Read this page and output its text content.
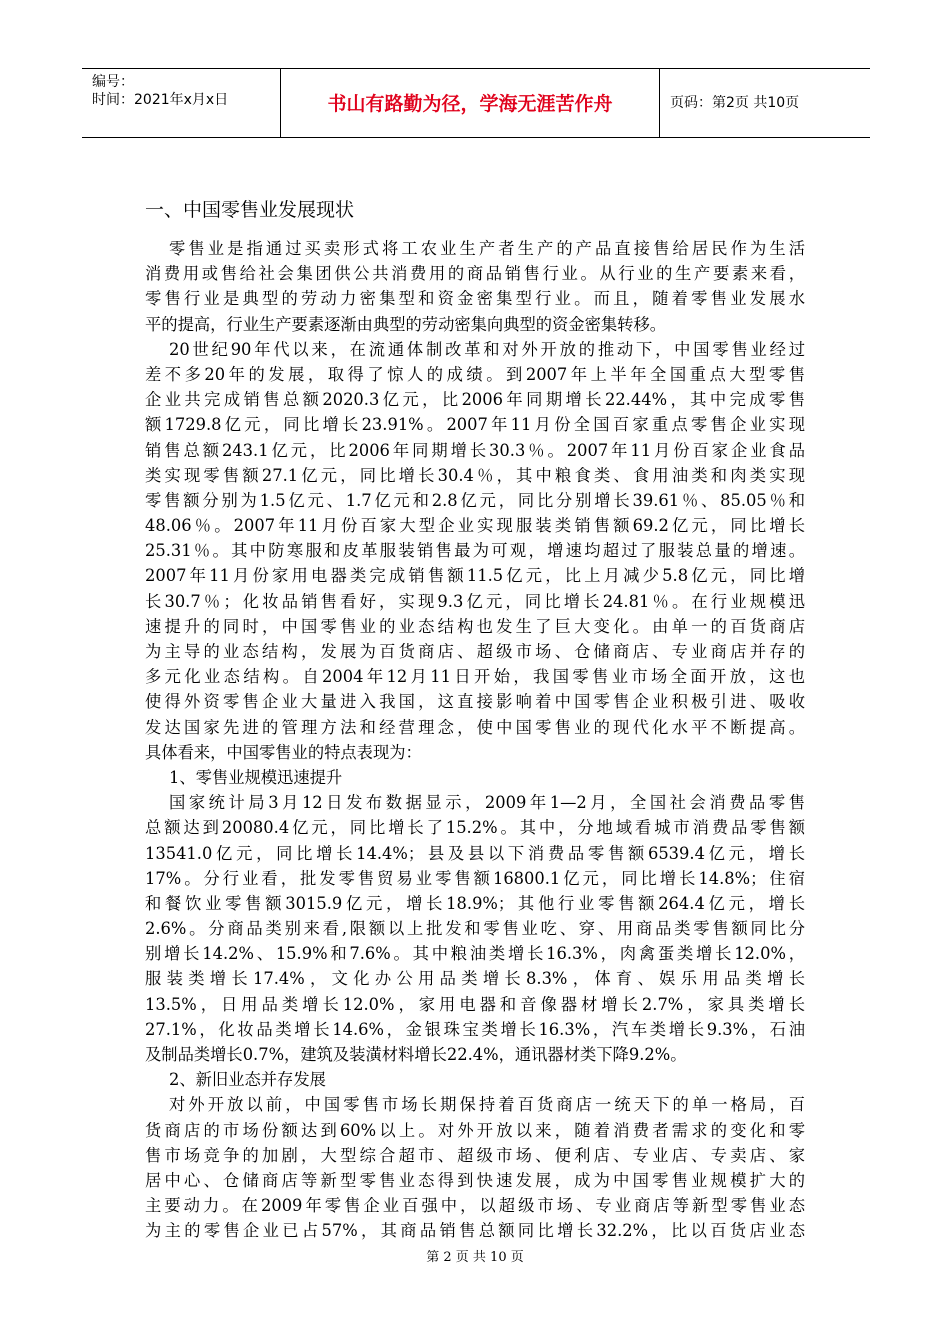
编号：
时间：2021年x月x日	书山有路勤为径，学海无涯苦作舟	页码：第2页 共10页
一、中国零售业发展现状
零售业是指通过买卖形式将工农业生产者生产的产品直接售给居民作为生活
消费用或售给社会集团供公共消费用的商品销售行业。从行业的生产要素来看，
零售行业是典型的劳动力密集型和资金密集型行业。而且，随着零售业发展水
平的提高，行业生产要素逐渐由典型的劳动密集向典型的资金密集转移。
20世纪90年代以来，在流通体制改革和对外开放的推动下，中国零售业经过
差不多20年的发展，取得了惊人的成绩。到2007年上半年全国重点大型零售
企业共完成销售总额2020.3亿元，比2006年同期增长22.44%，其中完成零售
额1729.8亿元，同比增长23.91%。2007年11月份全国百家重点零售企业实现
销售总额243.1亿元，比2006年同期增长30.3％。2007年11月份百家企业食品
类实现零售额27.1亿元，同比增长30.4％，其中粮食类、食用油类和肉类实现
零售额分别为1.5亿元、1.7亿元和2.8亿元，同比分别增长39.61％、85.05％和
48.06％。2007年11月份百家大型企业实现服装类销售额69.2亿元，同比增长
25.31％。其中防寒服和皮革服装销售最为可观，增速均超过了服装总量的增速。
2007年11月份家用电器类完成销售额11.5亿元，比上月减少5.8亿元，同比增
长30.7％；化妆品销售看好，实现9.3亿元，同比增长24.81％。在行业规模迅
速提升的同时，中国零售业的业态结构也发生了巨大变化。由单一的百货商店
为主导的业态结构，发展为百货商店、超级市场、仓储商店、专业商店并存的
多元化业态结构。自2004年12月11日开始，我国零售业市场全面开放，这也
使得外资零售企业大量进入我国，这直接影响着中国零售企业积极引进、吸收
发达国家先进的管理方法和经营理念，使中国零售业的现代化水平不断提高。
具体看来，中国零售业的特点表现为：
1、零售业规模迅速提升
国家统计局3月12日发布数据显示，2009年1—2月，全国社会消费品零售
总额达到20080.4亿元，同比增长了15.2%。其中，分地域看城市消费品零售额
13541.0亿元，同比增长14.4%；县及县以下消费品零售额6539.4亿元，增长
17%。分行业看，批发零售贸易业零售额16800.1亿元，同比增长14.8%；住宿
和餐饮业零售额3015.9亿元，增长18.9%；其他行业零售额264.4亿元，增长
2.6%。分商品类别来看,限额以上批发和零售业吃、穿、用商品类零售额同比分
别增长14.2%、15.9%和7.6%。其中粮油类增长16.3%，肉禽蛋类增长12.0%，
服装类增长17.4%，文化办公用品类增长8.3%，体育、娱乐用品类增长
13.5%，日用品类增长12.0%，家用电器和音像器材增长2.7%，家具类增长
27.1%，化妆品类增长14.6%，金银珠宝类增长16.3%，汽车类增长9.3%，石油
及制品类增长0.7%，建筑及装潢材料增长22.4%，通讯器材类下降9.2%。
2、新旧业态并存发展
对外开放以前，中国零售市场长期保持着百货商店一统天下的单一格局，百
货商店的市场份额达到60%以上。对外开放以来，随着消费者需求的变化和零
售市场竞争的加剧，大型综合超市、超级市场、便利店、专业店、专卖店、家
居中心、仓储商店等新型零售业态得到快速发展，成为中国零售业规模扩大的
主要动力。在2009年零售企业百强中，以超级市场、专业商店等新型零售业态
为主的零售企业已占57%，其商品销售总额同比增长32.2%，比以百货店业态
第 2 页 共 10 页
